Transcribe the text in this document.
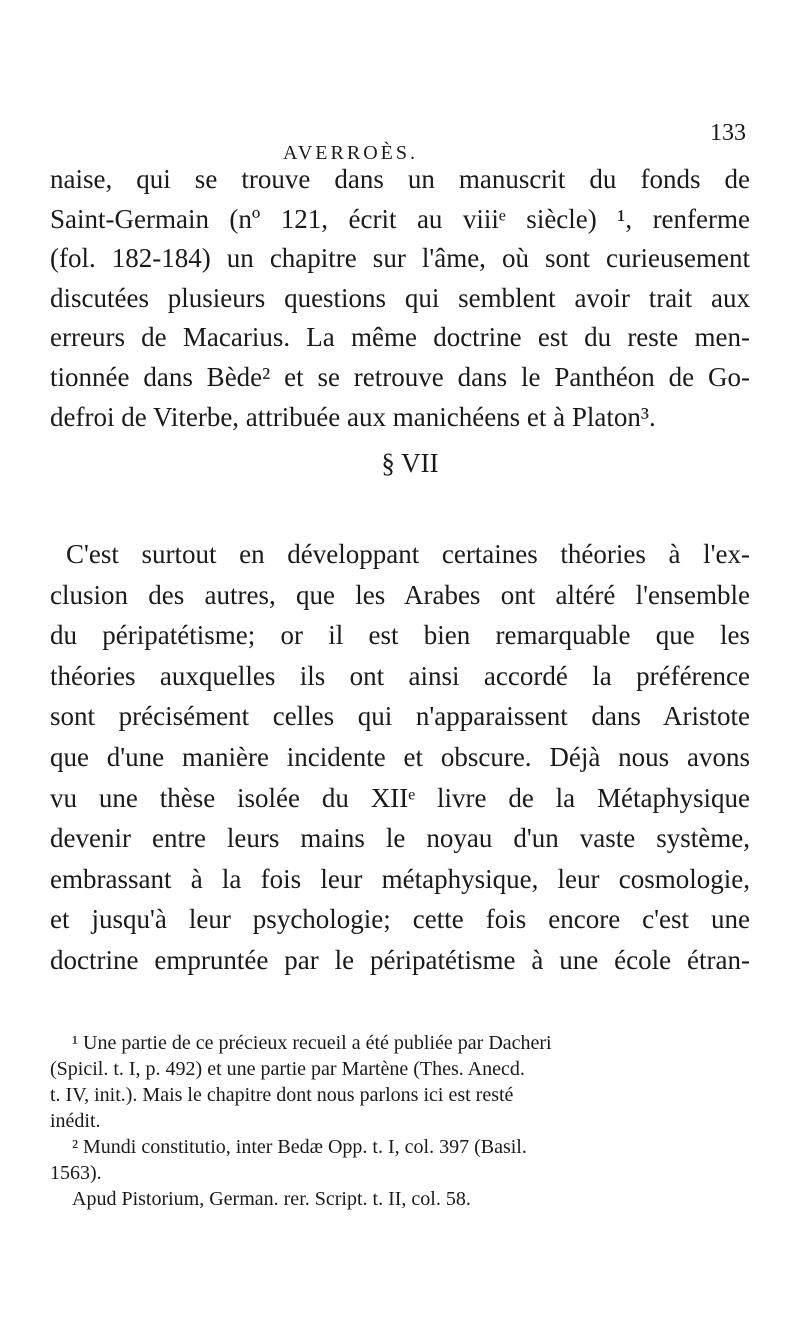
AVERROÈS.
133
naise, qui se trouve dans un manuscrit du fonds de
Saint-Germain (nº 121, écrit au viiiᵉ siècle) ¹, renferme
(fol. 182-184) un chapitre sur l'âme, où sont curieusement
discutées plusieurs questions qui semblent avoir trait aux
erreurs de Macarius. La même doctrine est du reste men-
tionnée dans Bède² et se retrouve dans le Panthéon de Go-
defroi de Viterbe, attribuée aux manichéens et à Platon³.
§ VII
C'est surtout en développant certaines théories à l'ex-
clusion des autres, que les Arabes ont altéré l'ensemble
du péripatétisme; or il est bien remarquable que les
théories auxquelles ils ont ainsi accordé la préférence
sont précisément celles qui n'apparaissent dans Aristote
que d'une manière incidente et obscure. Déjà nous avons
vu une thèse isolée du XIIᵉ livre de la Métaphysique
devenir entre leurs mains le noyau d'un vaste système,
embrassant à la fois leur métaphysique, leur cosmologie,
et jusqu'à leur psychologie; cette fois encore c'est une
doctrine empruntée par le péripatétisme à une école étran-
¹ Une partie de ce précieux recueil a été publiée par Dacheri
(Spicil. t. I, p. 492) et une partie par Martène (Thes. Anecd.
t. IV, init.). Mais le chapitre dont nous parlons ici est resté
inédit.
² Mundi constitutio, inter Bedæ Opp. t. I, col. 397 (Basil.
1563).
Apud Pistorium, German. rer. Script. t. II, col. 58.
